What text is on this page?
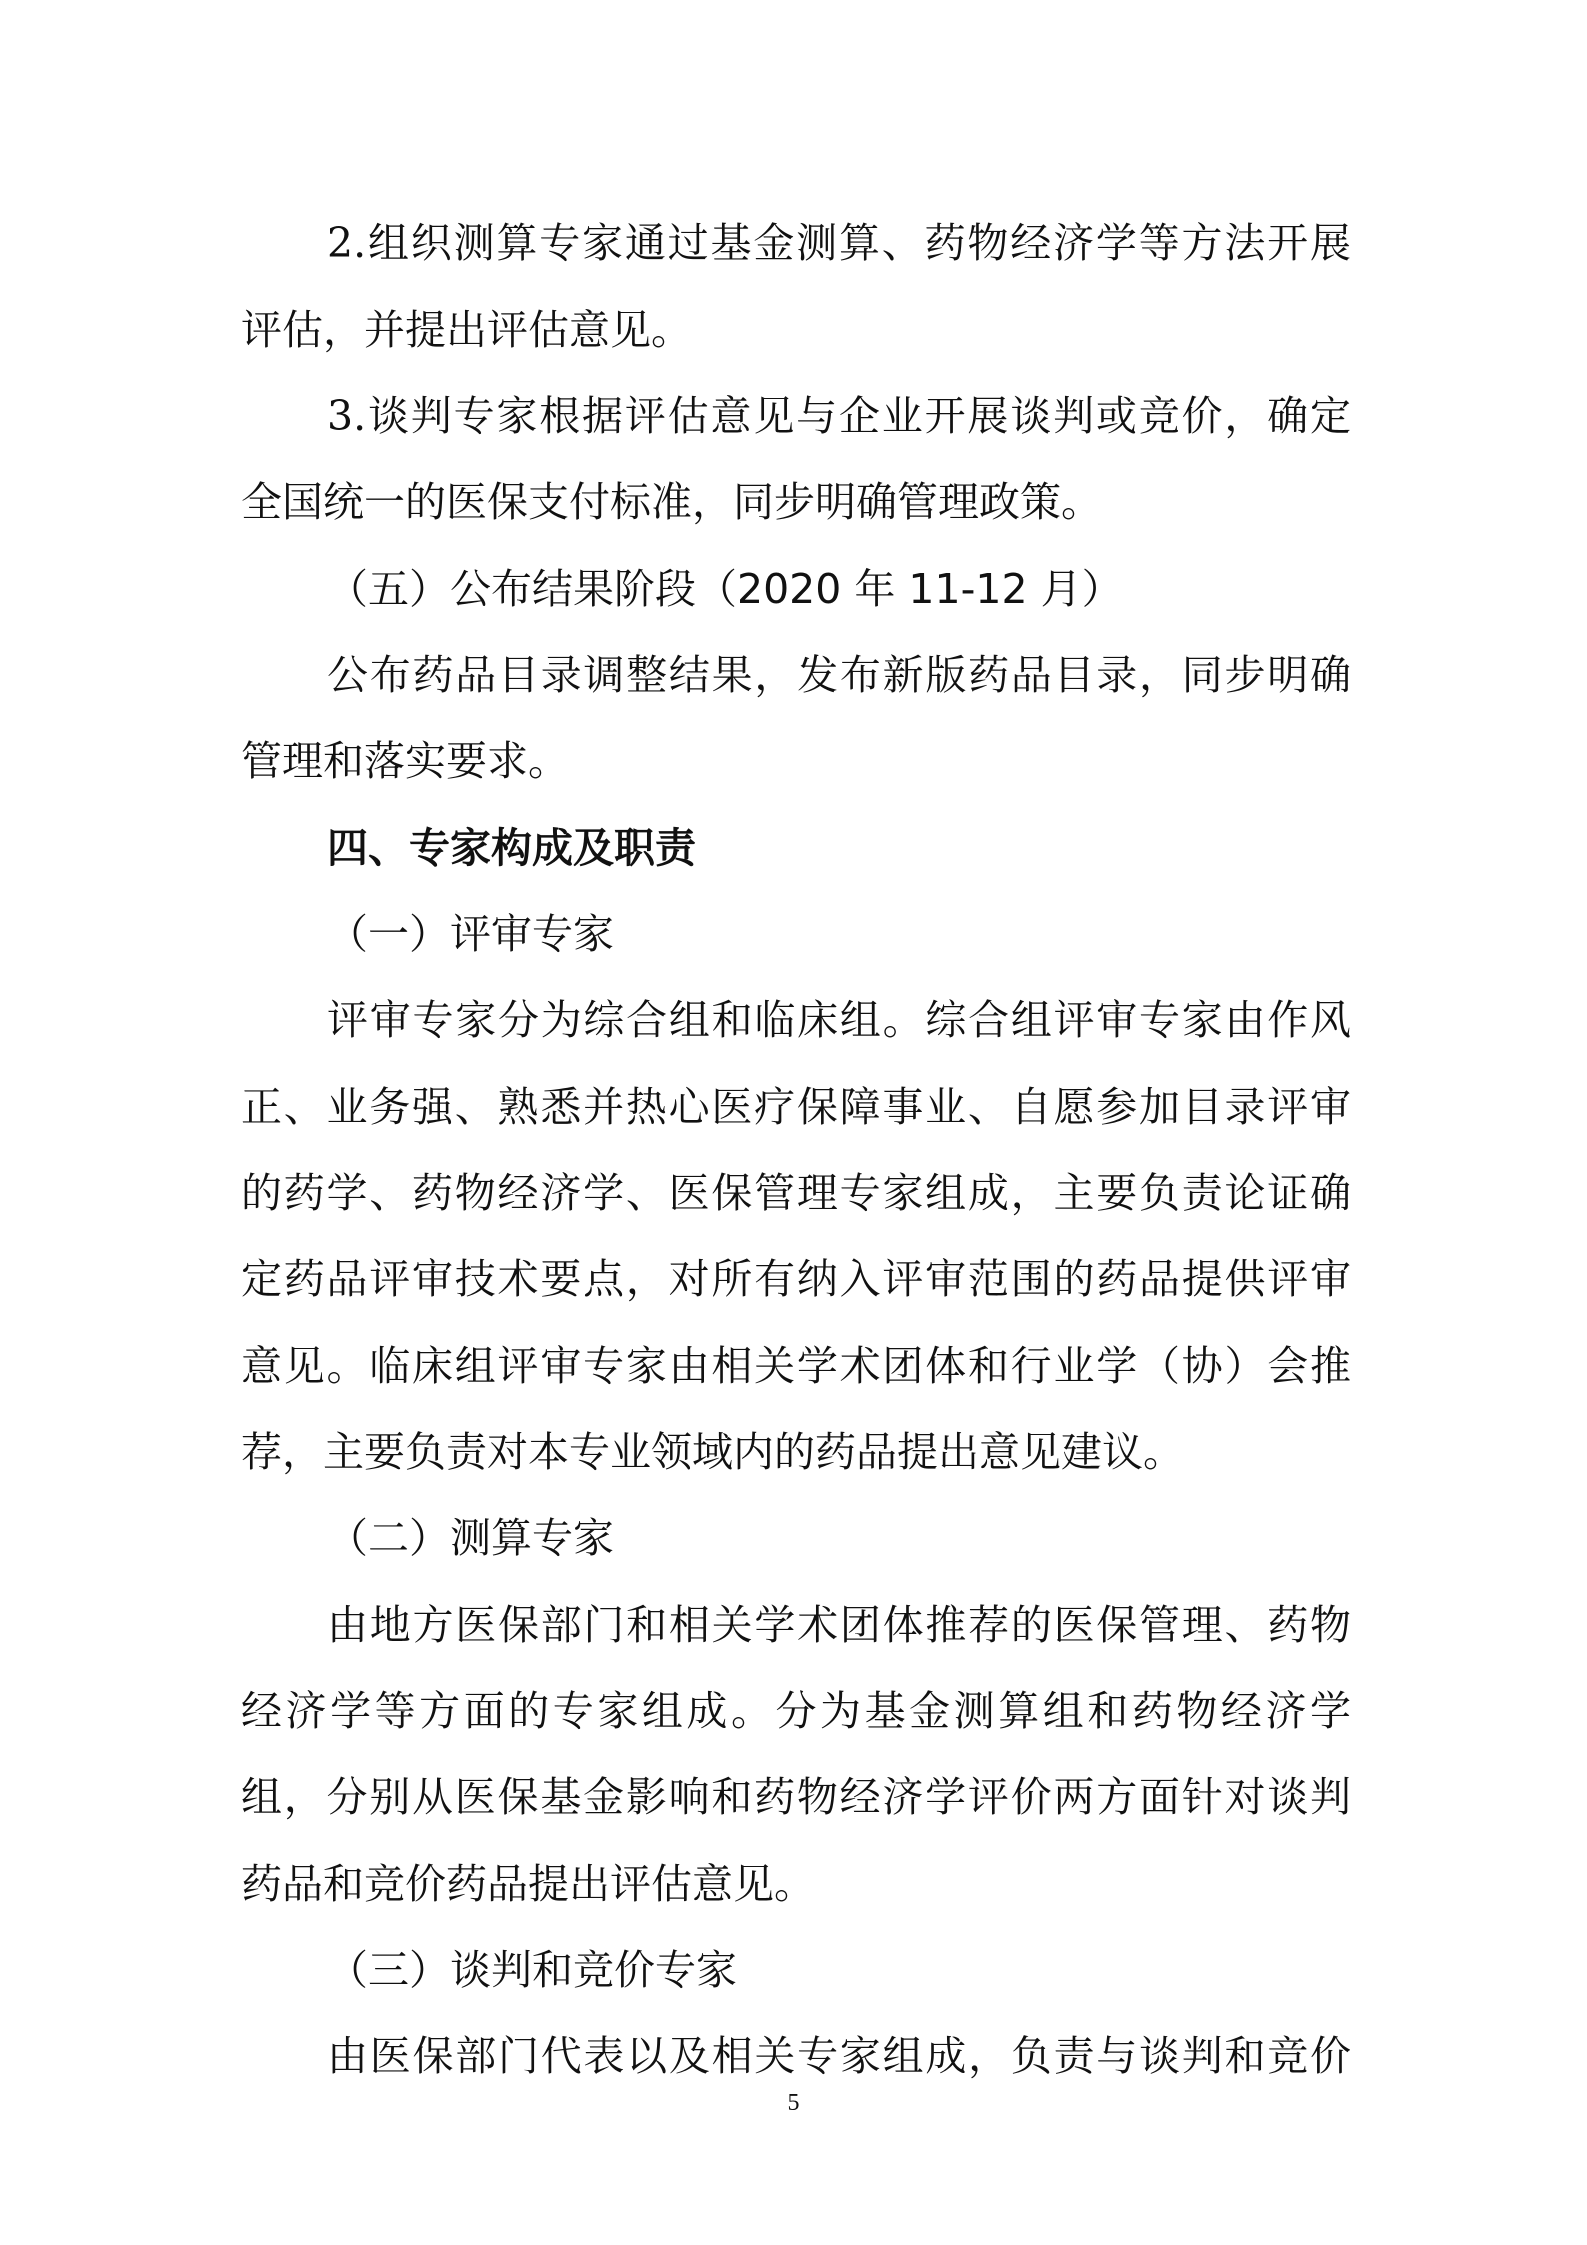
2.组织测算专家通过基金测算、药物经济学等方法开展
评估，并提出评估意见。
3.谈判专家根据评估意见与企业开展谈判或竞价，确定
全国统一的医保支付标准，同步明确管理政策。
（五）公布结果阶段（2020 年 11-12 月）
公布药品目录调整结果，发布新版药品目录，同步明确
管理和落实要求。
四、专家构成及职责
（一）评审专家
评审专家分为综合组和临床组。综合组评审专家由作风
正、业务强、熟悉并热心医疗保障事业、自愿参加目录评审
的药学、药物经济学、医保管理专家组成，主要负责论证确
定药品评审技术要点，对所有纳入评审范围的药品提供评审
意见。临床组评审专家由相关学术团体和行业学（协）会推
荐，主要负责对本专业领域内的药品提出意见建议。
（二）测算专家
由地方医保部门和相关学术团体推荐的医保管理、药物
经济学等方面的专家组成。分为基金测算组和药物经济学
组，分别从医保基金影响和药物经济学评价两方面针对谈判
药品和竞价药品提出评估意见。
（三）谈判和竞价专家
由医保部门代表以及相关专家组成，负责与谈判和竞价
5
